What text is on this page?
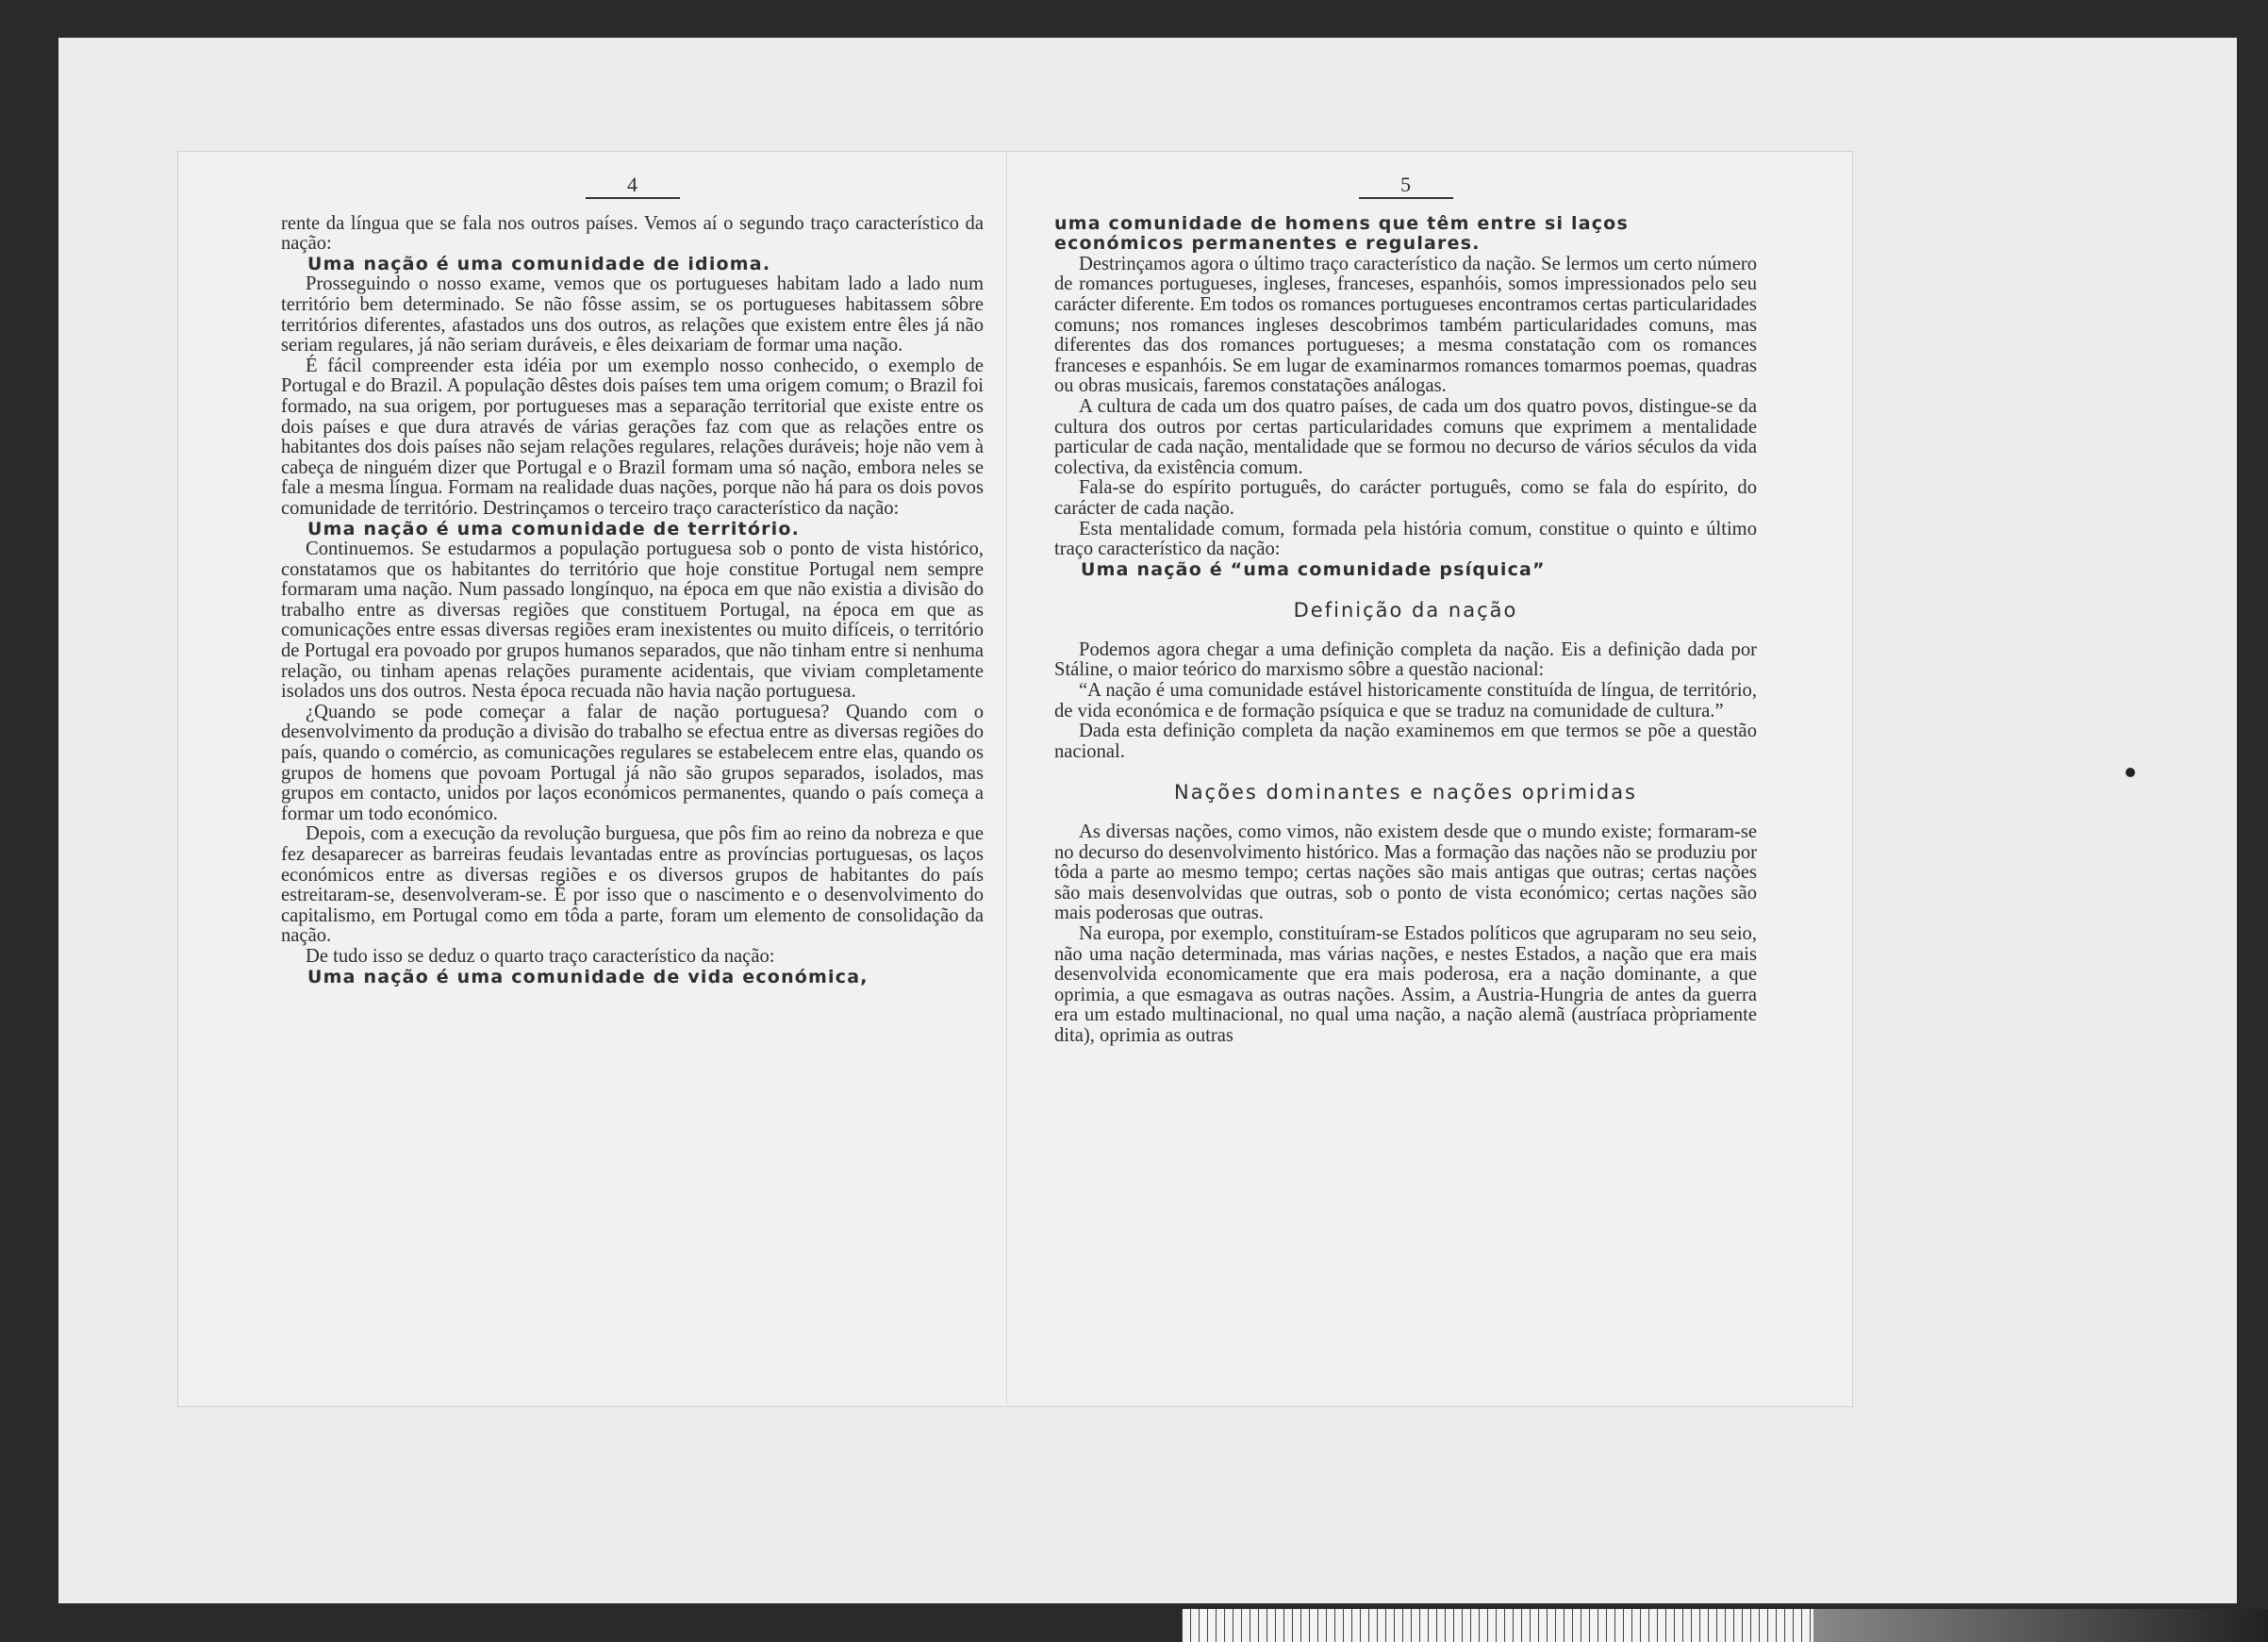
4

rente da língua que se fala nos outros países. Vemos aí o segundo traço característico da nação:

Uma nação é uma comunidade de idioma.

Prosseguindo o nosso exame, vemos que os portugueses habitam lado a lado num território bem determinado. Se não fôsse assim, se os portugueses habitassem sôbre territórios diferentes, afastados uns dos outros, as relações que existem entre êles já não seriam regulares, já não seriam duráveis, e êles deixariam de formar uma nação.

É fácil compreender esta idéia por um exemplo nosso conhecido, o exemplo de Portugal e do Brazil. A população dêstes dois países tem uma origem comum; o Brazil foi formado, na sua origem, por portugueses mas a separação territorial que existe entre os dois países e que dura através de várias gerações faz com que as relações entre os habitantes dos dois países não sejam relações regulares, relações duráveis; hoje não vem à cabeça de ninguém dizer que Portugal e o Brazil formam uma só nação, embora neles se fale a mesma língua. Formam na realidade duas nações, porque não há para os dois povos comunidade de território. Destrinçamos o terceiro traço característico da nação:

Uma nação é uma comunidade de território.

Continuemos. Se estudarmos a população portuguesa sob o ponto de vista histórico, constatamos que os habitantes do território que hoje constitue Portugal nem sempre formaram uma nação. Num passado longínquo, na época em que não existia a divisão do trabalho entre as diversas regiões que constituem Portugal, na época em que as comunicações entre essas diversas regiões eram inexistentes ou muito difíceis, o território de Portugal era povoado por grupos humanos separados, que não tinham entre si nenhuma relação, ou tinham apenas relações puramente acidentais, que viviam completamente isolados uns dos outros. Nesta época recuada não havia nação portuguesa.

¿Quando se pode começar a falar de nação portuguesa? Quando com o desenvolvimento da produção a divisão do trabalho se efectua entre as diversas regiões do país, quando o comércio, as comunicações regulares se estabelecem entre elas, quando os grupos de homens que povoam Portugal já não são grupos separados, isolados, mas grupos em contacto, unidos por laços económicos permanentes, quando o país começa a formar um todo económico.

Depois, com a execução da revolução burguesa, que pôs fim ao reino da nobreza e que fez desaparecer as barreiras feudais levantadas entre as províncias portuguesas, os laços económicos entre as diversas regiões e os diversos grupos de habitantes do país estreitaram-se, desenvolveram-se. É por isso que o nascimento e o desenvolvimento do capitalismo, em Portugal como em tôda a parte, foram um elemento de consolidação da nação.

De tudo isso se deduz o quarto traço característico da nação:

Uma nação é uma comunidade de vida económica,

5

uma comunidade de homens que têm entre si laços económicos permanentes e regulares.

Destrinçamos agora o último traço característico da nação. Se lermos um certo número de romances portugueses, ingleses, franceses, espanhóis, somos impressionados pelo seu carácter diferente. Em todos os romances portugueses encontramos certas particularidades comuns; nos romances ingleses descobrimos também particularidades comuns, mas diferentes das dos romances portugueses; a mesma constatação com os romances franceses e espanhóis. Se em lugar de examinarmos romances tomarmos poemas, quadras ou obras musicais, faremos constatações análogas.

A cultura de cada um dos quatro países, de cada um dos quatro povos, distingue-se da cultura dos outros por certas particularidades comuns que exprimem a mentalidade particular de cada nação, mentalidade que se formou no decurso de vários séculos da vida colectiva, da existência comum.

Fala-se do espírito português, do carácter português, como se fala do espírito, do carácter de cada nação.

Esta mentalidade comum, formada pela história comum, constitue o quinto e último traço característico da nação:

Uma nação é “uma comunidade psíquica”

Definição da nação

Podemos agora chegar a uma definição completa da nação. Eis a definição dada por Stáline, o maior teórico do marxismo sôbre a questão nacional:

“A nação é uma comunidade estável historicamente constituída de língua, de território, de vida económica e de formação psíquica e que se traduz na comunidade de cultura.”

Dada esta definição completa da nação examinemos em que termos se põe a questão nacional.

Nações dominantes e nações oprimidas

As diversas nações, como vimos, não existem desde que o mundo existe; formaram-se no decurso do desenvolvimento histórico. Mas a formação das nações não se produziu por tôda a parte ao mesmo tempo; certas nações são mais antigas que outras; certas nações são mais desenvolvidas que outras, sob o ponto de vista económico; certas nações são mais poderosas que outras.

Na europa, por exemplo, constituíram-se Estados políticos que agruparam no seu seio, não uma nação determinada, mas várias nações, e nestes Estados, a nação que era mais desenvolvida economicamente que era mais poderosa, era a nação dominante, a que oprimia, a que esmagava as outras nações. Assim, a Austria-Hungria de antes da guerra era um estado multinacional, no qual uma nação, a nação alemã (austríaca pròpriamente dita), oprimia as outras
